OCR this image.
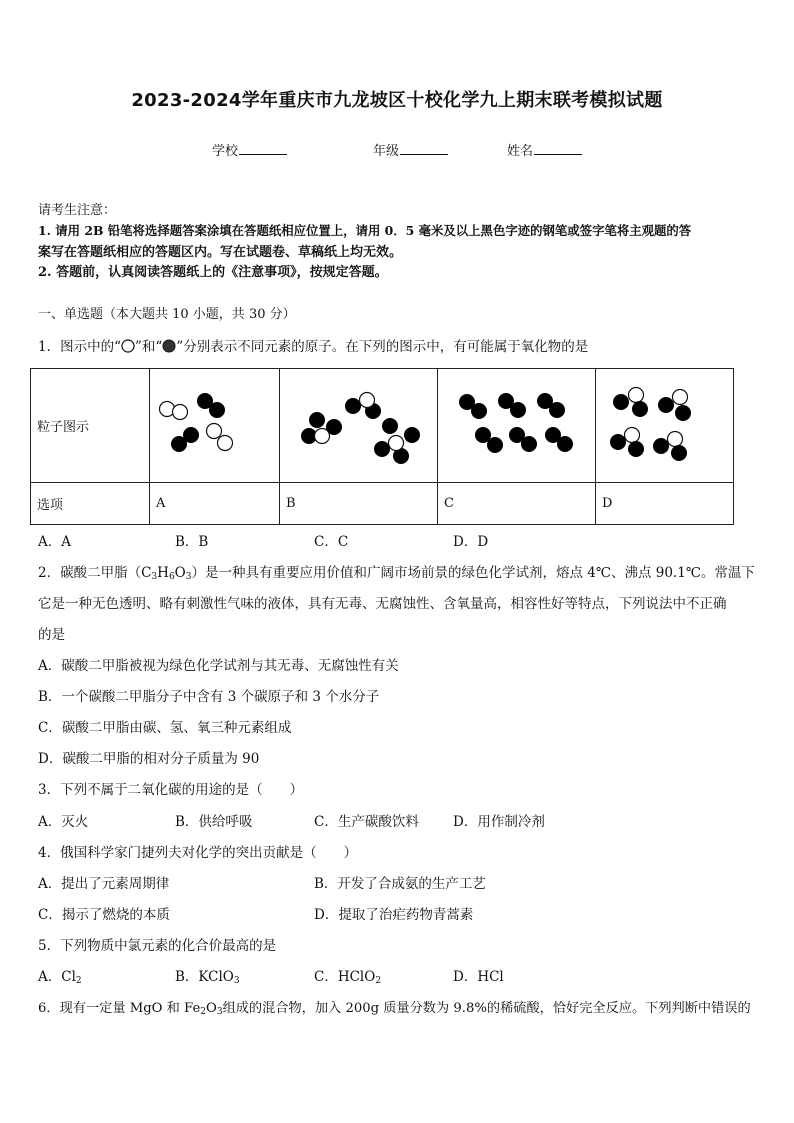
2023-2024学年重庆市九龙坡区十校化学九上期末联考模拟试题
学校	年级	姓名
请考生注意：
1. 请用 2B 铅笔将选择题答案涂填在答题纸相应位置上，请用 0．5 毫米及以上黑色字迹的钢笔或签字笔将主观题的答
案写在答题纸相应的答题区内。写在试题卷、草稿纸上均无效。
2. 答题前，认真阅读答题纸上的《注意事项》，按规定答题。
一、单选题（本大题共 10 小题，共 30 分）
1．图示中的“ ”和“ ”分别表示不同元素的原子。在下列的图示中，有可能属于氧化物的是
粒子图示	

选项	A	B	C	D
A．A	B．B	C．C	D．D
2．碳酸二甲脂$(C_3H_6O_3)$是一种具有重要应用价值和广阔市场前景的绿色化学试剂，熔点 4℃、沸点 90.1℃。常温下
它是一种无色透明、略有刺激性气味的液体，具有无毒、无腐蚀性、含氧量高，相容性好等特点，下列说法中不正确
的是
A．碳酸二甲脂被视为绿色化学试剂与其无毒、无腐蚀性有关
B．一个碳酸二甲脂分子中含有 3 个碳原子和 3 个水分子
C．碳酸二甲脂由碳、氢、氧三种元素组成
D．碳酸二甲脂的相对分子质量为 90
3．下列不属于二氧化碳的用途的是（　　）
A．灭火	B．供给呼吸	C．生产碳酸饮料	D．用作制冷剂
4．俄国科学家门捷列夫对化学的突出贡献是（　　）
A．提出了元素周期律	B．开发了合成氨的生产工艺
C．揭示了燃烧的本质	D．提取了治疟药物青蒿素
5．下列物质中氯元素的化合价最高的是
A．$Cl_2$	B．KClO$_3$	C．HClO$_2$	D．HCl
6．现有一定量 MgO 和 $Fe_2O_3$组成的混合物，加入 200g 质量分数为 9.8%的稀硫酸，恰好完全反应。下列判断中错误的
